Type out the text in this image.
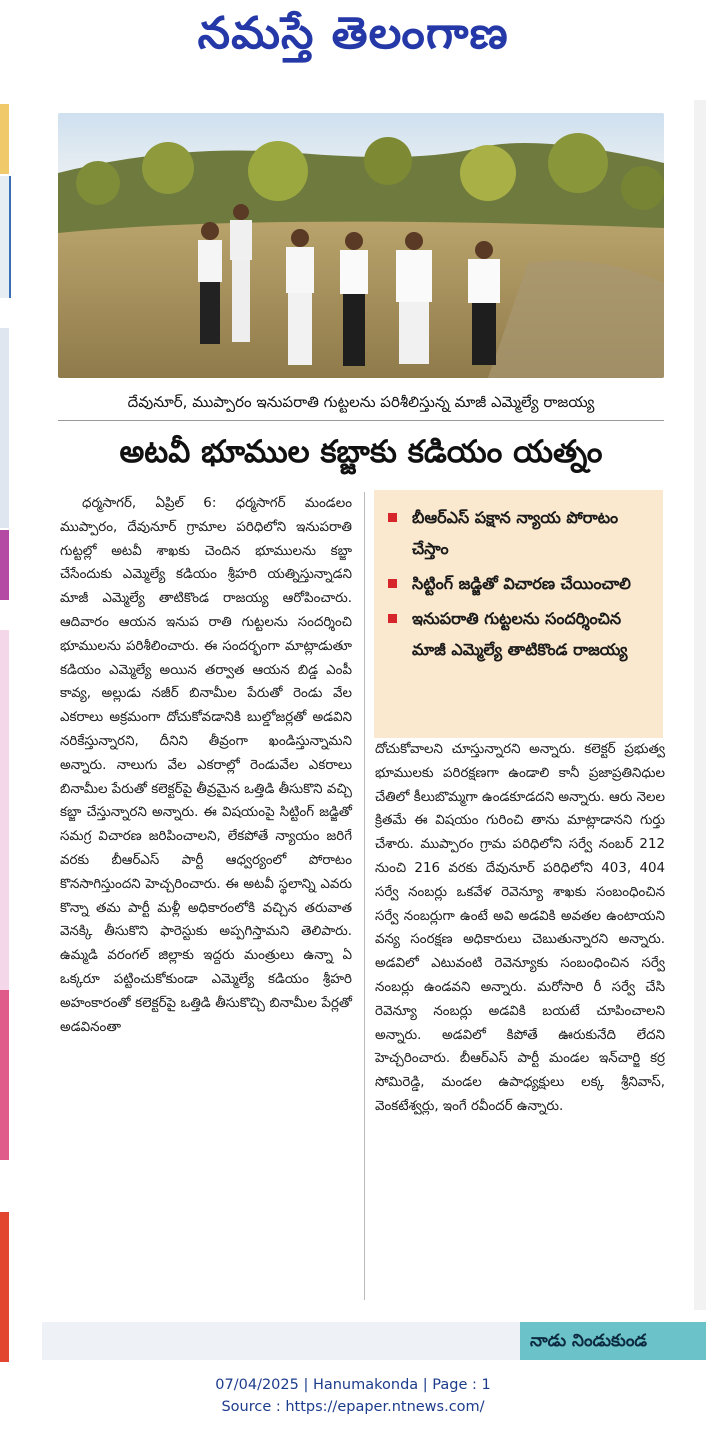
నమస్తే తెలంగాణ
దేవునూర్, ముప్పారం ఇనుపరాతి గుట్టలను పరిశీలిస్తున్న మాజీ ఎమ్మెల్యే రాజయ్య
అటవీ భూముల కబ్జాకు కడియం యత్నం
ధర్మసాగర్, ఏప్రిల్ 6: ధర్మసాగర్ మండలం ముప్పారం, దేవునూర్ గ్రామాల పరిధిలోని ఇనుపరాతి గుట్టల్లో అటవీ శాఖకు చెందిన భూములను కబ్జా చేసేందుకు ఎమ్మెల్యే కడియం శ్రీహరి యత్నిస్తున్నాడని మాజీ ఎమ్మెల్యే తాటికొండ రాజయ్య ఆరోపించారు. ఆదివారం ఆయన ఇనుప రాతి గుట్టలను సందర్శించి భూములను పరిశీలించారు. ఈ సందర్భంగా మాట్లాడుతూ కడియం ఎమ్మెల్యే అయిన తర్వాత ఆయన బిడ్డ ఎంపీ కావ్య, అల్లుడు నజీర్ బినామీల పేరుతో రెండు వేల ఎకరాలు అక్రమంగా దోచుకోవడానికి బుల్డోజర్లతో అడవిని నరికేస్తున్నారని, దీనిని తీవ్రంగా ఖండిస్తున్నామని అన్నారు. నాలుగు వేల ఎకరాల్లో రెండువేల ఎకరాలు బినామీల పేరుతో కలెక్టర్‌పై తీవ్రమైన ఒత్తిడి తీసుకొని వచ్చి కబ్జా చేస్తున్నారని అన్నారు. ఈ విషయంపై సిట్టింగ్ జడ్జితో సమగ్ర విచారణ జరిపించాలని, లేకపోతే న్యాయం జరిగే వరకు బీఆర్ఎస్ పార్టీ ఆధ్వర్యంలో పోరాటం కొనసాగిస్తుందని హెచ్చరించారు. ఈ అటవీ స్థలాన్ని ఎవరు కొన్నా తమ పార్టీ మళ్లీ అధికారంలోకి వచ్చిన తరువాత వెనక్కి తీసుకొని ఫారెస్టుకు అప్పగిస్తామని తెలిపారు. ఉమ్మడి వరంగల్ జిల్లాకు ఇద్దరు మంత్రులు ఉన్నా ఏ ఒక్కరూ పట్టించుకోకుండా ఎమ్మెల్యే కడియం శ్రీహరి అహంకారంతో కలెక్టర్‌పై ఒత్తిడి తీసుకొచ్చి బినామీల పేర్లతో అడవినంతా
బీఆర్ఎస్ పక్షాన న్యాయ పోరాటం చేస్తాం
సిట్టింగ్ జడ్జితో విచారణ చేయించాలి
ఇనుపరాతి గుట్టలను సందర్శించిన మాజీ ఎమ్మెల్యే తాటికొండ రాజయ్య
దోచుకోవాలని చూస్తున్నారని అన్నారు. కలెక్టర్ ప్రభుత్వ భూములకు పరిరక్షణగా ఉండాలి కానీ ప్రజాప్రతినిధుల చేతిలో కీలుబొమ్మగా ఉండకూడదని అన్నారు. ఆరు నెలల క్రితమే ఈ విషయం గురించి తాను మాట్లాడానని గుర్తు చేశారు. ముప్పారం గ్రామ పరిధిలోని సర్వే నంబర్ 212 నుంచి 216 వరకు దేవునూర్ పరిధిలోని 403, 404 సర్వే నంబర్లు ఒకవేళ రెవెన్యూ శాఖకు సంబంధించిన సర్వే నంబర్లుగా ఉంటే అవి అడవికి అవతల ఉంటాయని వన్య సంరక్షణ అధికారులు చెబుతున్నారని అన్నారు. అడవిలో ఎటువంటి రెవెన్యూకు సంబంధించిన సర్వే నంబర్లు ఉండవని అన్నారు. మరోసారి రీ సర్వే చేసి రెవెన్యూ నంబర్లు అడవికి బయటే చూపించాలని అన్నారు. అడవిలో కిపోతే ఊరుకునేది లేదని హెచ్చరించారు. బీఆర్ఎస్ పార్టీ మండల ఇన్‌చార్జి కర్ర సోమిరెడ్డి, మండల ఉపాధ్యక్షులు లక్క శ్రీనివాస్, వెంకటేశ్వర్లు, ఇంగే రవీందర్ ఉన్నారు.
నాడు నిండుకుండ
07/04/2025 | Hanumakonda | Page : 1
Source : https://epaper.ntnews.com/
